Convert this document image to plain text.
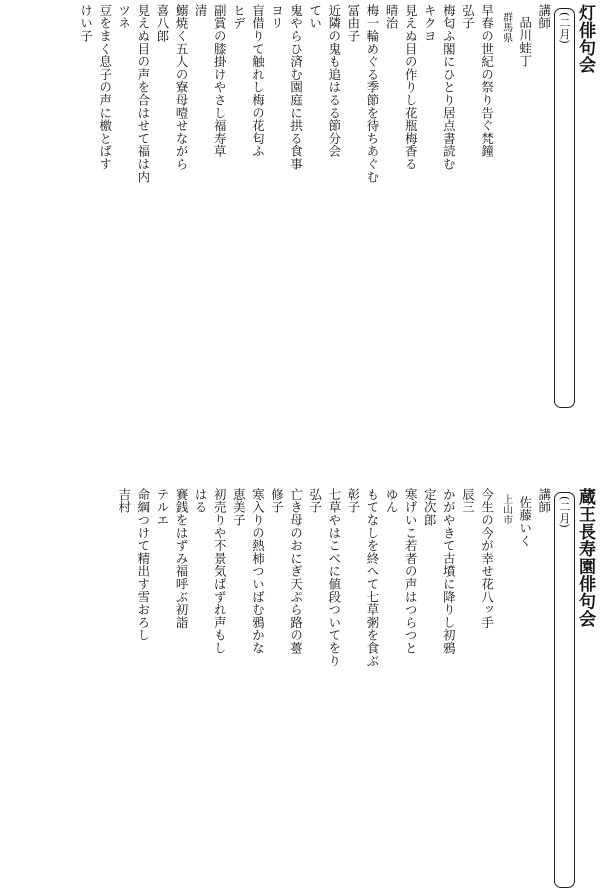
灯俳句会
(二月)
講師
品川蛙丁
群馬県
早春の世紀の祭り告ぐ梵鐘
弘子
梅匂ふ閣にひとり居点書読む
キクヨ
見えぬ目の作りし花瓶梅香る
晴治
梅一輪めぐる季節を待ちあぐむ
冨由子
近隣の鬼も追はるる節分会
てい
鬼やらひ済む園庭に拱る食事
ヨリ
盲借りて触れし梅の花匂ふ
ヒデ
副賞の膝掛けやさし福寿草
清
鰯焼く五人の寮母噎せながら
喜八郎
見えぬ目の声を合はせて福は内
ツネ
豆をまく息子の声に檄とばす
けい子
蔵王長寿園俳句会
(二月)
講師
佐藤いく
上山市
今生の今が幸せ花八ッ手
辰三
かがやきて古墳に降りし初鴉
定次郎
寒げいこ若者の声はつらつと
ゆん
もてなしを終へて七草粥を食ぶ
彰子
七草やはこべに値段ついてをり
弘子
亡き母のおにぎ天ぷら路の薹
修子
寒入りの熱柿ついばむ鴉かな
恵美子
初売りや不景気ばずれ声もし
はる
賽銭をはずみ福呼ぶ初詣
テルエ
命綱つけて精出す雪おろし
吉村
